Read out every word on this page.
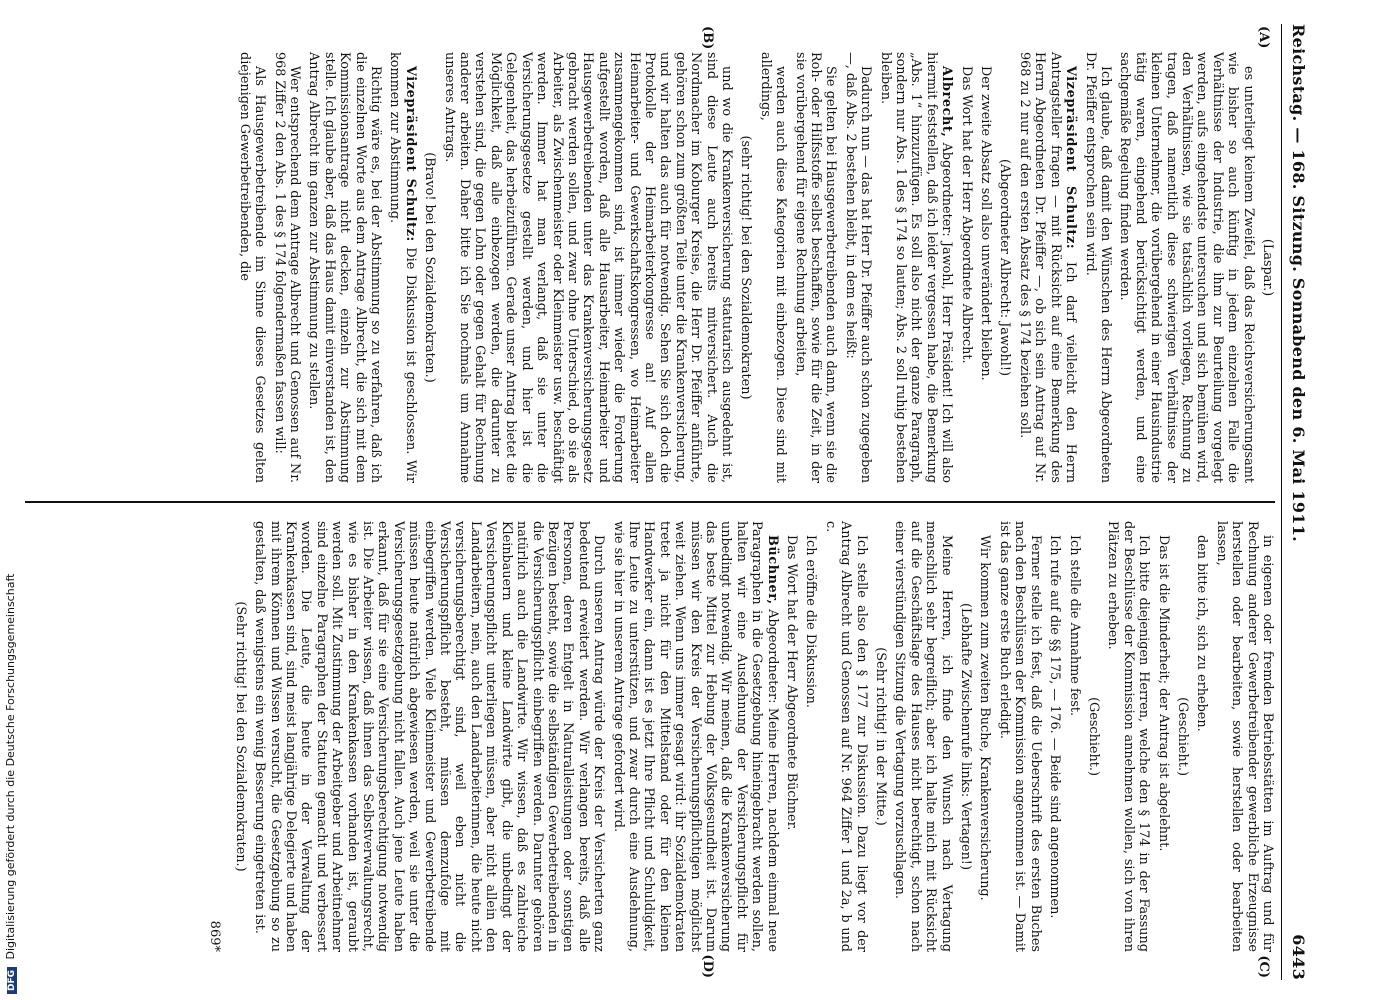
Reichstag. — 168. Sitzung. Sonnabend den 6. Mai 1911.
6443
(A)
(B)

(Laspar.)

es unterliegt keinem Zweifel, daß das Reichsversicherungsamt wie bisher so auch künftig in jedem einzelnen Falle die Verhältnisse der Industrie, die ihm zur Beurteilung vorgelegt werden, aufs eingehendste untersuchen und sich bemühen wird, den Verhältnissen, wie sie tatsächlich vorliegen, Rechnung zu tragen, daß namentlich diese schwierigen Verhältnisse der kleinen Unternehmer, die vorübergehend in einer Hausindustrie tätig waren, eingehend berücksichtigt werden, und eine sachgemäße Regelung finden werden.

Ich glaube, daß damit den Wünschen des Herrn Abgeordneten Dr. Pfeiffer entsprochen sein wird.

Vizepräsident Schultz: Ich darf vielleicht den Herrn Antragsteller fragen — mit Rücksicht auf eine Bemerkung des Herrn Abgeordneten Dr. Pfeiffer —, ob sich sein Antrag auf Nr. 968 zu 2 nur auf den ersten Absatz des § 174 beziehen soll.

(Abgeordneter Albrecht: Jawohl!)

Der zweite Absatz soll also unverändert bleiben.

Das Wort hat der Herr Abgeordnete Albrecht.

Albrecht, Abgeordneter: Jawohl, Herr Präsident! Ich will also hiermit feststellen, daß ich leider vergessen habe, die Bemerkung „Abs. 1“ hinzuzufügen. Es soll also nicht der ganze Paragraph, sondern nur Abs. 1 des § 174 so lauten; Abs. 2 soll ruhig bestehen bleiben.

Dadurch nun — das hat Herr Dr. Pfeiffer auch schon zugegeben —, daß Abs. 2 bestehen bleibt, in dem es heißt:

Sie gelten bei Hausgewerbetreibenden auch dann, wenn sie die Roh- oder Hilfsstoffe selbst beschaffen, sowie für die Zeit, in der sie vorübergehend für eigene Rechnung arbeiten,

werden auch diese Kategorien mit einbezogen. Diese sind mit allerdings,

(sehr richtig! bei den Sozialdemokraten)

und wo die Krankenversicherung statutarisch ausgedehnt ist, sind diese Leute auch bereits mitversichert. Auch die Nordmacher im Koburger Kreise, die Herr Dr. Pfeiffer anführte, gehören schon zum größten Teile unter die Krankenversicherung, und wir halten das auch für notwendig. Sehen Sie sich doch die Protokolle der Heimarbeiterkongresse an! Auf allen Heimarbeiter- und Gewerkschaftskongressen, wo Heimarbeiter zusammengekommen sind, ist immer wieder die Forderung aufgestellt worden, daß alle Hausarbeiter, Heimarbeiter und Hausgewerbetreibenden unter das Krankenversicherungsgesetz gebracht werden sollen, und zwar ohne Unterschied, ob sie als Arbeiter, als Zwischenmeister oder Kleinmeister usw. beschäftigt werden. Immer hat man verlangt, daß sie unter die Versicherungsgesetze gestellt werden, und hier ist die Gelegenheit, das herbeizuführen. Gerade unser Antrag bietet die Möglichkeit, daß alle einbezogen werden, die darunter zu verstehen sind, die gegen Lohn oder gegen Gehalt für Rechnung anderer arbeiten. Daher bitte ich Sie nochmals um Annahme unseres Antrags.

(Bravo! bei den Sozialdemokraten.)

Vizepräsident Schultz: Die Diskussion ist geschlossen. Wir kommen zur Abstimmung.

Richtig wäre es, bei der Abstimmung so zu verfahren, daß ich die einzelnen Worte aus dem Antrage Albrecht, die sich mit dem Kommissionsantrage nicht decken, einzeln zur Abstimmung stelle. Ich glaube aber, daß das Haus damit einverstanden ist, den Antrag Albrecht im ganzen zur Abstimmung zu stellen.

Wer entsprechend dem Antrage Albrecht und Genossen auf Nr. 968 Ziffer 2 den Abs. 1 des § 174 folgendermaßen fassen will:

Als Hausgewerbetreibende im Sinne dieses Gesetzes gelten diejenigen Gewerbetreibenden, die

(C)
(D)

in eigenen oder fremden Betriebsstätten im Auftrag und für Rechnung anderer Gewerbetreibender gewerbliche Erzeugnisse herstellen oder bearbeiten, sowie herstellen oder bearbeiten lassen,

den bitte ich, sich zu erheben.

(Geschieht.)

Das ist die Minderheit; der Antrag ist abgelehnt.

Ich bitte diejenigen Herren, welche den § 174 in der Fassung der Beschlüsse der Kommission annehmen wollen, sich von ihren Plätzen zu erheben.

(Geschieht.)

Ich stelle die Annahme fest.

Ich rufe auf die §§ 175, — 176. — Beide sind angenommen.

Ferner stelle ich fest, daß die Ueberschrift des ersten Buches nach den Beschlüssen der Kommission angenommen ist. — Damit ist das ganze erste Buch erledigt.

Wir kommen zum zweiten Buche, Krankenversicherung.

(Lebhafte Zwischenrufe links: Vertagen!)

Meine Herren, ich finde den Wunsch nach Vertagung menschlich sehr begreiflich; aber ich halte mich mit Rücksicht auf die Geschäftslage des Hauses nicht berechtigt, schon nach einer vierstündigen Sitzung die Vertagung vorzuschlagen.

(Sehr richtig! in der Mitte.)

Ich stelle also den § 177 zur Diskussion. Dazu liegt vor der Antrag Albrecht und Genossen auf Nr. 964 Ziffer 1 und 2a, b und c.

Ich eröffne die Diskussion.

Das Wort hat der Herr Abgeordnete Büchner.

Büchner, Abgeordneter: Meine Herren, nachdem einmal neue Paragraphen in die Gesetzgebung hineingebracht werden sollen, halten wir eine Ausdehnung der Versicherungspflicht für unbedingt notwendig. Wir meinen, daß die Krankenversicherung das beste Mittel zur Hebung der Volksgesundheit ist. Darum müssen wir den Kreis der Versicherungspflichtigen möglichst weit ziehen. Wenn uns immer gesagt wird: ihr Sozialdemokraten tretet ja nicht für den Mittelstand oder für den kleinen Handwerker ein, dann ist es jetzt Ihre Pflicht und Schuldigkeit, Ihre Leute zu unterstützen, und zwar durch eine Ausdehnung, wie sie hier in unserem Antrage gefordert wird.

Durch unseren Antrag würde der Kreis der Versicherten ganz bedeutend erweitert werden. Wir verlangen bereits, daß alle Personen, deren Entgelt in Naturalleistungen oder sonstigen Bezügen besteht, sowie die selbständigen Gewerbetreibenden in die Versicherungspflicht einbegriffen werden. Darunter gehören natürlich auch die Landwirte. Wir wissen, daß es zahlreiche Kleinbauern und kleine Landwirte gibt, die unbedingt der Versicherungspflicht unterliegen müssen, aber nicht allein den Landarbeitern, nein, auch den Landarbeiterinnen, die heute nicht versicherungsberechtigt sind, weil eben nicht die Versicherungspflicht besteht, müssen demzufolge mit einbegriffen werden. Viele Kleinmeister und Gewerbetreibende müssen heute natürlich abgewiesen werden, weil sie unter die Versicherungsgesetzgebung nicht fallen. Auch jene Leute haben erkannt, daß für sie eine Versicherungsberechtigung notwendig ist. Die Arbeiter wissen, daß ihnen das Selbstverwaltungsrecht, wie es bisher in den Krankenkassen vorhanden ist, geraubt werden soll. Mit Zustimmung der Arbeitgeber und Arbeitnehmer sind einzelne Paragraphen der Statuten gemacht und verbessert worden. Die Leute, die heute in der Verwaltung der Krankenkassen sind, sind meist langjährige Delegierte und haben mit ihrem Können und Wissen versucht, die Gesetzgebung so zu gestalten, daß wenigstens ein wenig Besserung eingetreten ist.

(Sehr richtig! bei den Sozialdemokraten.)

869*
DFG Digitalisierung gefördert durch die Deutsche Forschungsgemeinschaft
